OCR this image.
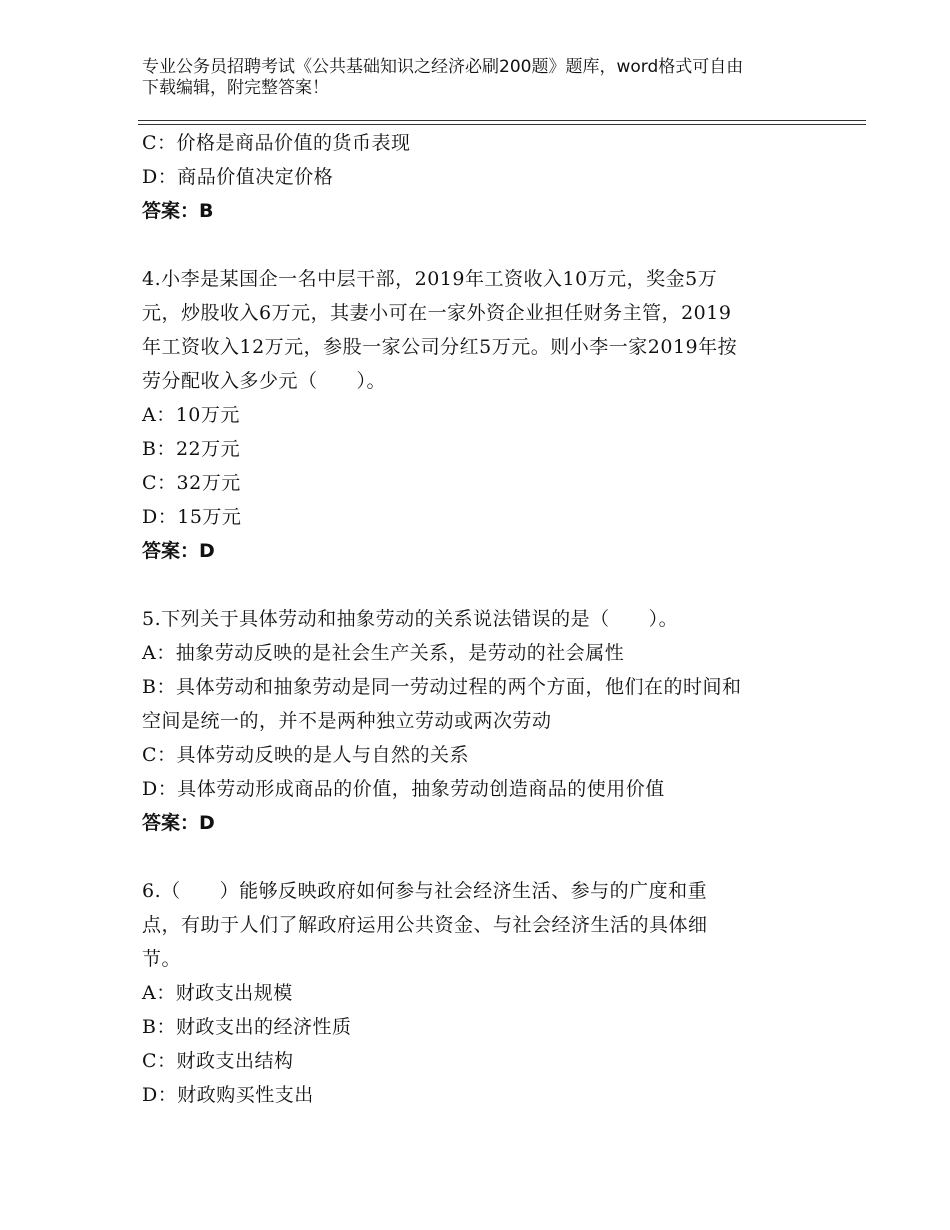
专业公务员招聘考试《公共基础知识之经济必刷200题》题库，word格式可自由
下载编辑，附完整答案！
C：价格是商品价值的货币表现
D：商品价值决定价格
答案：B
4.小李是某国企一名中层干部，2019年工资收入10万元，奖金5万
元，炒股收入6万元，其妻小可在一家外资企业担任财务主管，2019
年工资收入12万元，参股一家公司分红5万元。则小李一家2019年按
劳分配收入多少元（　　）。
A：10万元
B：22万元
C：32万元
D：15万元
答案：D
5.下列关于具体劳动和抽象劳动的关系说法错误的是（　　）。
A：抽象劳动反映的是社会生产关系，是劳动的社会属性
B：具体劳动和抽象劳动是同一劳动过程的两个方面，他们在的时间和
空间是统一的，并不是两种独立劳动或两次劳动
C：具体劳动反映的是人与自然的关系
D：具体劳动形成商品的价值，抽象劳动创造商品的使用价值
答案：D
6.（　　）能够反映政府如何参与社会经济生活、参与的广度和重
点，有助于人们了解政府运用公共资金、与社会经济生活的具体细
节。
A：财政支出规模
B：财政支出的经济性质
C：财政支出结构
D：财政购买性支出
